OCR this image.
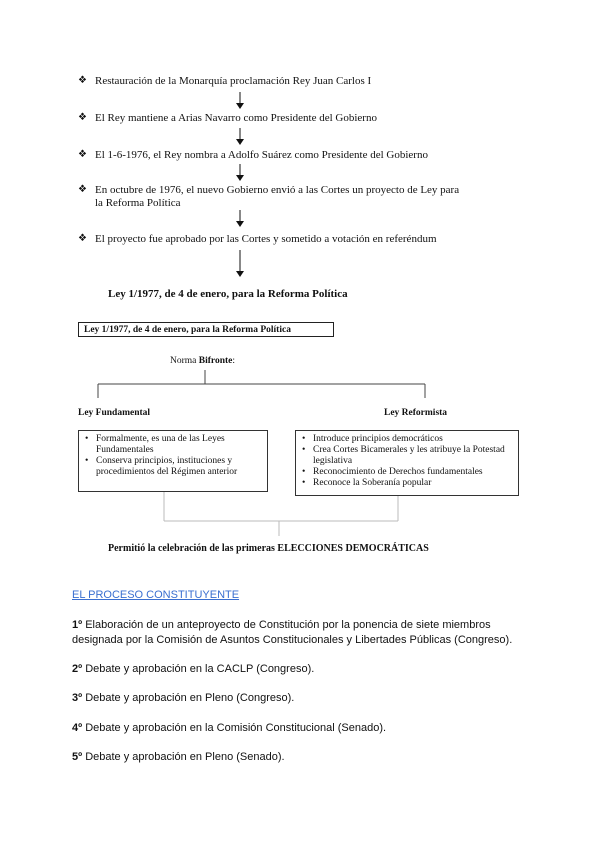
❖ Restauración de la Monarquía proclamación Rey Juan Carlos I
❖ El Rey mantiene a Arias Navarro como Presidente del Gobierno
❖ El 1-6-1976, el Rey nombra a Adolfo Suárez como Presidente del Gobierno
❖ En octubre de 1976, el nuevo Gobierno envió a las Cortes un proyecto de Ley para
la Reforma Política
❖ El proyecto fue aprobado por las Cortes y sometido a votación en referéndum
Ley 1/1977, de 4 de enero, para la Reforma Política
Ley 1/1977, de 4 de enero, para la Reforma Política
Norma Bifronte:
Ley Fundamental	Ley Reformista
• Formalmente, es una de las Leyes Fundamentales
• Conserva principios, instituciones y procedimientos del Régimen anterior
• Introduce principios democráticos
• Crea Cortes Bicamerales y les atribuye la Potestad legislativa
• Reconocimiento de Derechos fundamentales
• Reconoce la Soberanía popular
Permitió la celebración de las primeras ELECCIONES DEMOCRÁTICAS
EL PROCESO CONSTITUYENTE
1º Elaboración de un anteproyecto de Constitución por la ponencia de siete miembros
designada por la Comisión de Asuntos Constitucionales y Libertades Públicas (Congreso).
2º Debate y aprobación en la CACLP (Congreso).
3º Debate y aprobación en Pleno (Congreso).
4º Debate y aprobación en la Comisión Constitucional (Senado).
5º Debate y aprobación en Pleno (Senado).
